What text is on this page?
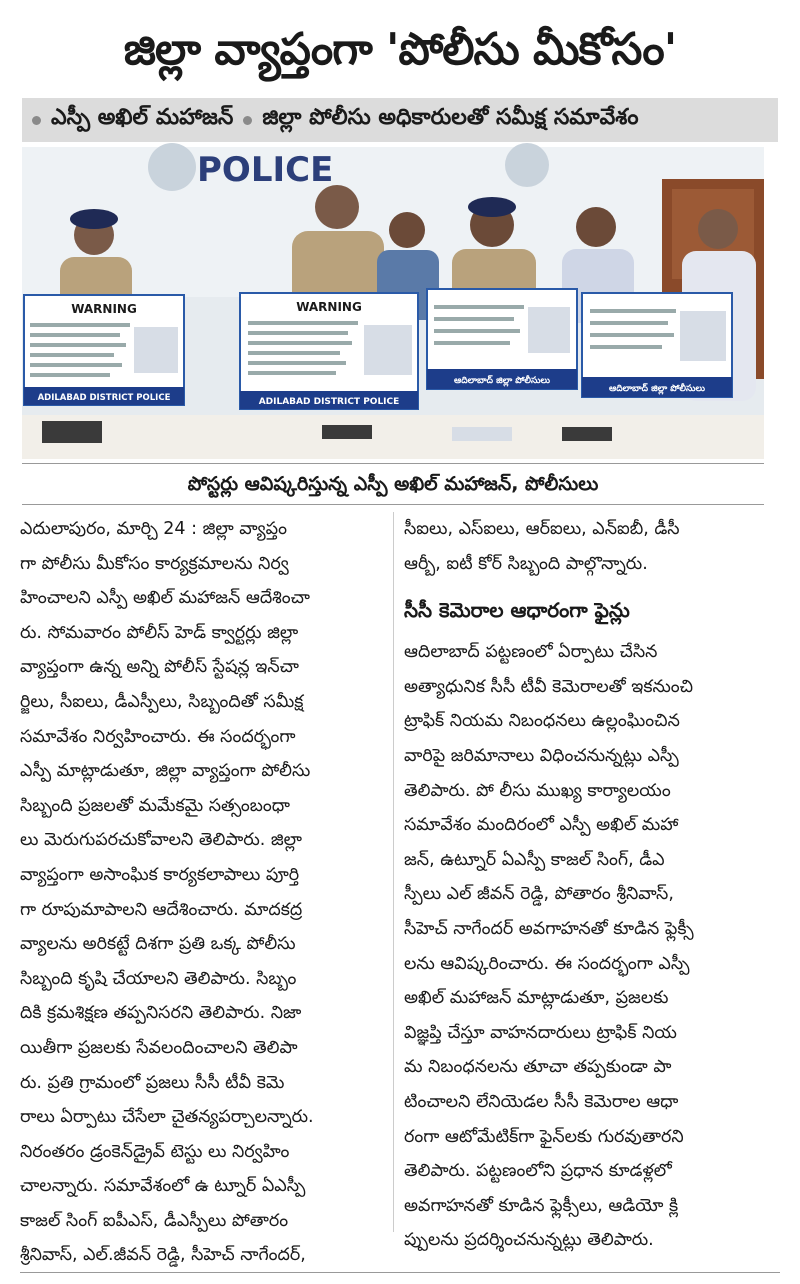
జిల్లా వ్యాప్తంగా 'పోలీసు మీకోసం'
ఎస్పీ అఖిల్ మహాజన్ జిల్లా పోలీసు అధికారులతో సమీక్ష సమావేశం
POLICE
WARNING
ADILABAD DISTRICT POLICE
WARNING
ADILABAD DISTRICT POLICE
ఆదిలాబాద్ జిల్లా పోలీసులు
ఆదిలాబాద్ జిల్లా పోలీసులు
పోస్టర్లు ఆవిష్కరిస్తున్న ఎస్పీ అఖిల్ మహాజన్, పోలీసులు
ఎదులాపురం, మార్చి 24 : జిల్లా వ్యాప్తం
గా పోలీసు మీకోసం కార్యక్రమాలను నిర్వ
హించాలని ఎస్పీ అఖిల్ మహాజన్ ఆదేశించా
రు. సోమవారం పోలీస్ హెడ్ క్వార్టర్లు జిల్లా
వ్యాప్తంగా ఉన్న అన్ని పోలీస్ స్టేషన్ల ఇన్‌చా
ర్జిలు, సీఐలు, డీఎస్పీలు, సిబ్బందితో సమీక్ష
సమావేశం నిర్వహించారు. ఈ సందర్భంగా
ఎస్పీ మాట్లాడుతూ, జిల్లా వ్యాప్తంగా పోలీసు
సిబ్బంది ప్రజలతో మమేకమై సత్సంబంధా
లు మెరుగుపరచుకోవాలని తెలిపారు. జిల్లా
వ్యాప్తంగా అసాంఘిక కార్యకలాపాలు పూర్తి
గా రూపుమాపాలని ఆదేశించారు. మాదకద్ర
వ్యాలను అరికట్టే దిశగా ప్రతి ఒక్క పోలీసు
సిబ్బంది కృషి చేయాలని తెలిపారు. సిబ్బం
దికి క్రమశిక్షణ తప్పనిసరని తెలిపారు. నిజా
యితీగా ప్రజలకు సేవలందించాలని తెలిపా
రు. ప్రతి గ్రామంలో ప్రజలు సీసీ టీవీ కెమె
రాలు ఏర్పాటు చేసేలా చైతన్యపర్చాలన్నారు.
నిరంతరం డ్రంకెన్‌డ్రైవ్ టెస్టు లు నిర్వహిం
చాలన్నారు. సమావేశంలో ఉ ట్నూర్ ఏఎస్పీ
కాజల్ సింగ్ ఐపీఎస్, డీఎస్పీలు పోతారం
శ్రీనివాస్, ఎల్.జీవన్ రెడ్డి, సీహెచ్ నాగేందర్,
సీఐలు, ఎస్ఐలు, ఆర్ఐలు, ఎన్ఐబీ, డీసీ
ఆర్బీ, ఐటీ కోర్ సిబ్బంది పాల్గొన్నారు.
సీసీ కెమెరాల ఆధారంగా ఫైన్లు
ఆదిలాబాద్ పట్టణంలో ఏర్పాటు చేసిన
అత్యాధునిక సీసీ టీవీ కెమెరాలతో ఇకనుంచి
ట్రాఫిక్ నియమ నిబంధనలు ఉల్లంఘించిన
వారిపై జరిమానాలు విధించనున్నట్లు ఎస్పీ
తెలిపారు. పో లీసు ముఖ్య కార్యాలయం
సమావేశం మందిరంలో ఎస్పీ అఖిల్ మహా
జన్, ఉట్నూర్ ఏఎస్పీ కాజల్ సింగ్, డీఎ
స్పీలు ఎల్ జీవన్ రెడ్డి, పోతారం శ్రీనివాస్,
సీహెచ్ నాగేందర్ అవగాహనతో కూడిన ఫ్లెక్సీ
లను ఆవిష్కరించారు. ఈ సందర్భంగా ఎస్పీ
అఖిల్ మహాజన్ మాట్లాడుతూ, ప్రజలకు
విజ్ఞప్తి చేస్తూ వాహనదారులు ట్రాఫిక్ నియ
మ నిబంధనలను తూచా తప్పకుండా పా
టించాలని లేనియెడల సీసీ కెమెరాల ఆధా
రంగా ఆటోమేటిక్‌గా ఫైన్‌లకు గురవుతారని
తెలిపారు. పట్టణంలోని ప్రధాన కూడళ్లలో
అవగాహనతో కూడిన ఫ్లెక్సీలు, ఆడియో క్లి
ప్పులను ప్రదర్శించనున్నట్లు తెలిపారు.
